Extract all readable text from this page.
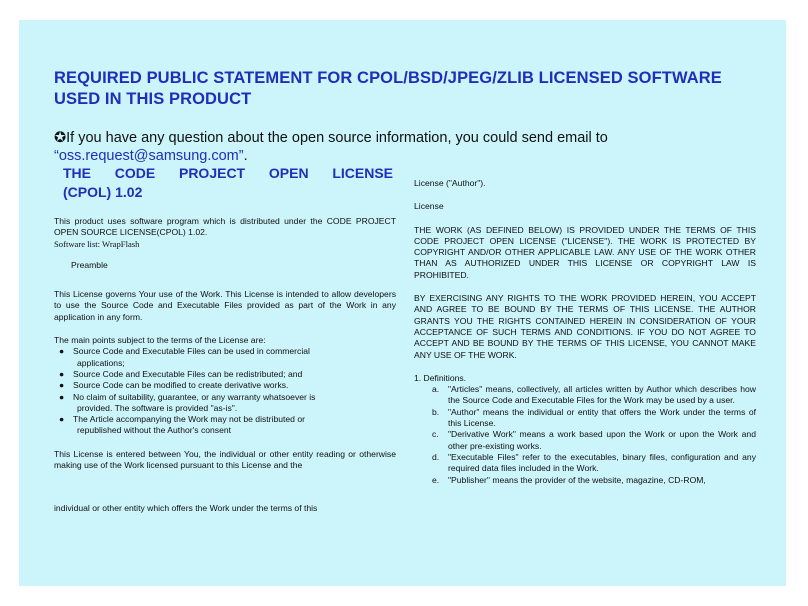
REQUIRED PUBLIC STATEMENT FOR CPOL/BSD/JPEG/ZLIB LICENSED SOFTWARE
USED IN THIS PRODUCT
✪If you have any question about the open source information, you could send email to “oss.request@samsung.com”.
THE CODE PROJECT OPEN LICENSE
(CPOL) 1.02

This product uses software program which is distributed under the CODE PROJECT OPEN SOURCE LICENSE(CPOL) 1.02.

Software list: WrapFlash

Preamble

This License governs Your use of the Work. This License is intended to allow developers to use the Source Code and Executable Files provided as part of the Work in any application in any form.

The main points subject to the terms of the License are:

● Source Code and Executable Files can be used in commercial
applications;
● Source Code and Executable Files can be redistributed; and
● Source Code can be modified to create derivative works.
● No claim of suitability, guarantee, or any warranty whatsoever is
provided. The software is provided "as-is".
● The Article accompanying the Work may not be distributed or
republished without the Author's consent

This License is entered between You, the individual or other entity reading or otherwise making use of the Work licensed pursuant to this License and the

individual or other entity which offers the Work under the terms of this

License ("Author").

License

THE WORK (AS DEFINED BELOW) IS PROVIDED UNDER THE TERMS OF THIS CODE PROJECT OPEN LICENSE ("LICENSE"). THE WORK IS PROTECTED BY COPYRIGHT AND/OR OTHER APPLICABLE LAW. ANY USE OF THE WORK OTHER THAN AS AUTHORIZED UNDER THIS LICENSE OR COPYRIGHT LAW IS PROHIBITED.

BY EXERCISING ANY RIGHTS TO THE WORK PROVIDED HEREIN, YOU ACCEPT AND AGREE TO BE BOUND BY THE TERMS OF THIS LICENSE. THE AUTHOR GRANTS YOU THE RIGHTS CONTAINED HEREIN IN CONSIDERATION OF YOUR ACCEPTANCE OF SUCH TERMS AND CONDITIONS. IF YOU DO NOT AGREE TO ACCEPT AND BE BOUND BY THE TERMS OF THIS LICENSE, YOU CANNOT MAKE ANY USE OF THE WORK.

1. Definitions.

a. "Articles" means, collectively, all articles written by Author which describes how the Source Code and Executable Files for the Work may be used by a user.
b. "Author" means the individual or entity that offers the Work under the terms of this License.
c. "Derivative Work" means a work based upon the Work or upon the Work and other pre-existing works.
d. "Executable Files" refer to the executables, binary files, configuration and any required data files included in the Work.
e. "Publisher" means the provider of the website, magazine, CD-ROM,
